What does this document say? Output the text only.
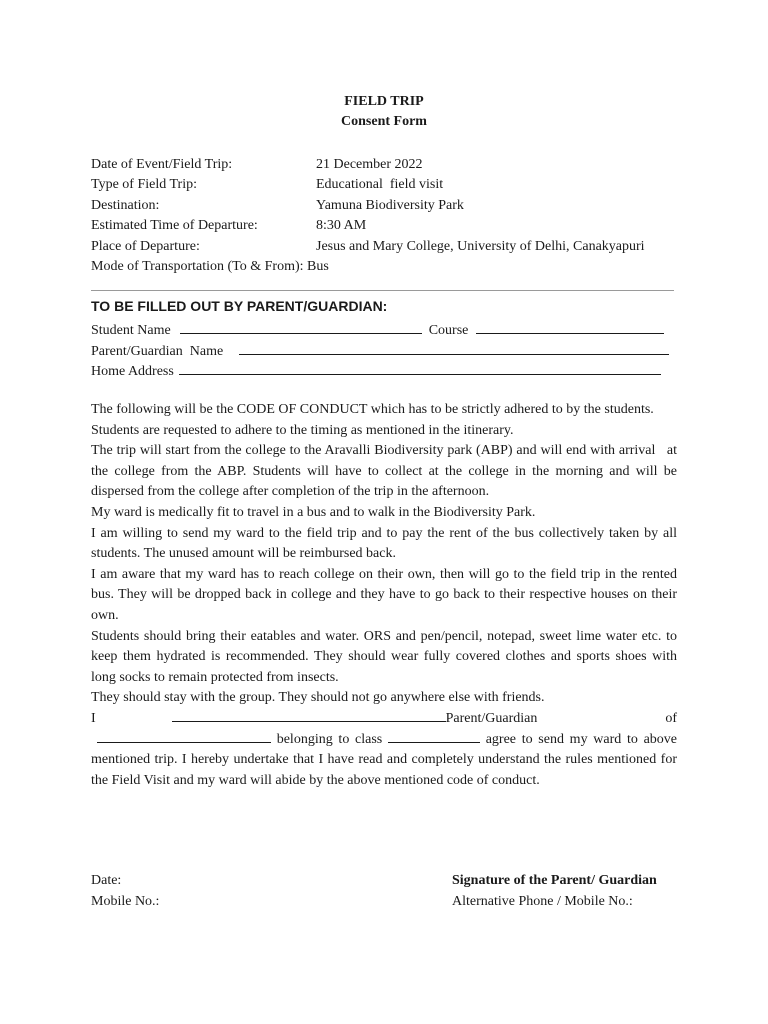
FIELD TRIP
Consent Form
Date of Event/Field Trip:	21 December 2022
Type of Field Trip:	Educational  field visit
Destination:	Yamuna Biodiversity Park
Estimated Time of Departure:	8:30 AM
Place of Departure:	Jesus and Mary College, University of Delhi, Canakyapuri
Mode of Transportation (To & From): Bus
TO BE FILLED OUT BY PARENT/GUARDIAN:
Student Name	Course
Parent/Guardian  Name
Home Address

The following will be the CODE OF CONDUCT which has to be strictly adhered to by the students.

Students are requested to adhere to the timing as mentioned in the itinerary.

The trip will start from the college to the Aravalli Biodiversity park (ABP) and will end with arrival   at the college from the ABP. Students will have to collect at the college in the morning and will be dispersed from the college after completion of the trip in the afternoon.

My ward is medically fit to travel in a bus and to walk in the Biodiversity Park.

I am willing to send my ward to the field trip and to pay the rent of the bus collectively taken by all students. The unused amount will be reimbursed back.

I am aware that my ward has to reach college on their own, then will go to the field trip in the rented bus. They will be dropped back in college and they have to go back to their respective houses on their own.

Students should bring their eatables and water. ORS and pen/pencil, notepad, sweet lime water etc. to keep them hydrated is recommended. They should wear fully covered clothes and sports shoes with long socks to remain protected from insects.

They should stay with the group. They should not go anywhere else with friends.

I	Parent/Guardian  of  belonging to class	agree to send my ward to above mentioned trip. I hereby undertake that I have read and completely understand the rules mentioned for the Field Visit and my ward will abide by the above mentioned code of conduct.

Date:
Mobile No.:
Signature of the Parent/ Guardian
Alternative Phone / Mobile No.:
